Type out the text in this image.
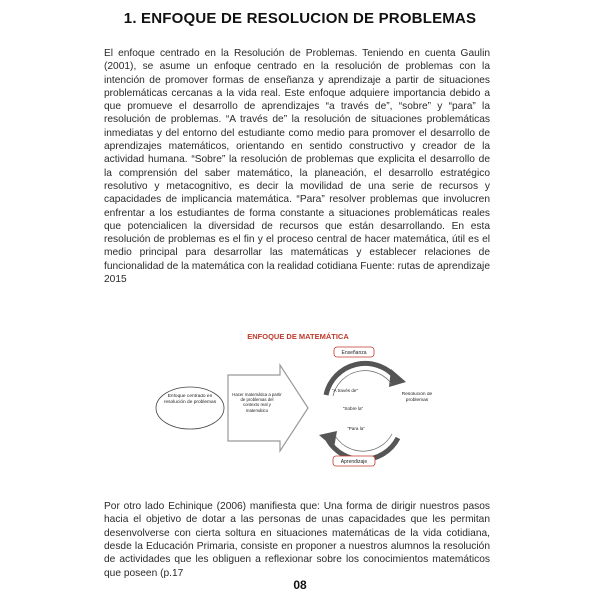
1. ENFOQUE DE RESOLUCION DE PROBLEMAS

El enfoque centrado en la Resolución de Problemas. Teniendo en cuenta Gaulin (2001), se asume un enfoque centrado en la resolución de problemas con la intención de promover formas de enseñanza y aprendizaje a partir de situaciones problemáticas cercanas a la vida real. Este enfoque adquiere importancia debido a que promueve el desarrollo de aprendizajes “a través de”, “sobre” y “para” la resolución de problemas. “A través de” la resolución de situaciones problemáticas inmediatas y del entorno del estudiante como medio para promover el desarrollo de aprendizajes matemáticos, orientando en sentido constructivo y creador de la actividad humana. “Sobre” la resolución de problemas que explicita el desarrollo de la comprensión del saber matemático, la planeación, el desarrollo estratégico resolutivo y metacognitivo, es decir la movilidad de una serie de recursos y capacidades de implicancia matemática. “Para” resolver problemas que involucren enfrentar a los estudiantes de forma constante a situaciones problemáticas reales que potencialicen la diversidad de recursos que están desarrollando. En esta resolución de problemas es el fin y el proceso central de hacer matemática, útil es el medio principal para desarrollar las matemáticas y establecer relaciones de funcionalidad de la matemática con la realidad cotidiana Fuente: rutas de aprendizaje 2015

ENFOQUE DE MATEMÁTICA
Enfoque centrado en resolución de problemas
Hacer matemática a partir de problemas del contexto real y matemático
Enseñanza
“A través de”
“Sobre la”
“Para la”
Resolución de problemas
Aprendizaje

Por otro lado Echinique (2006) manifiesta que: Una forma de dirigir nuestros pasos hacia el objetivo de dotar a las personas de unas capacidades que les permitan desenvolverse con cierta soltura en situaciones matemáticas de la vida cotidiana, desde la Educación Primaria, consiste en proponer a nuestros alumnos la resolución de actividades que les obliguen a reflexionar sobre los conocimientos matemáticos que poseen (p.17

08
